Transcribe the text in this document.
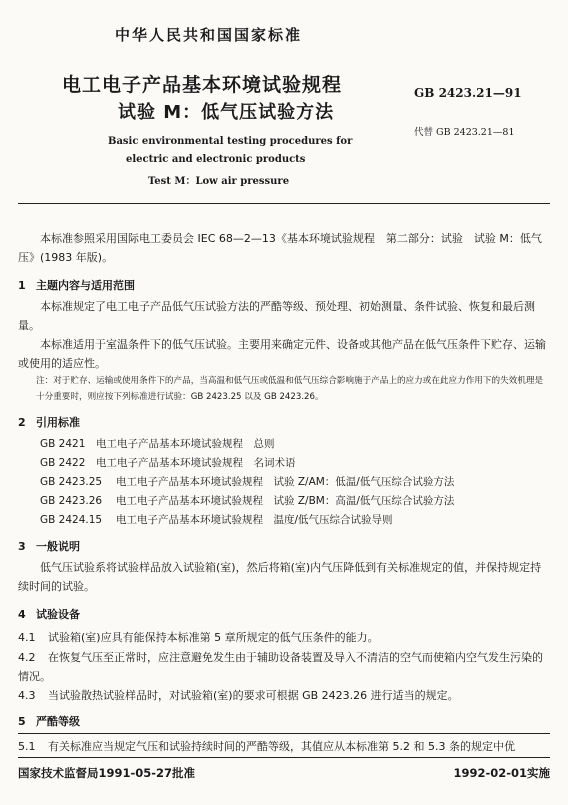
中华人民共和国国家标准
电工电子产品基本环境试验规程
试验 M：低气压试验方法
GB 2423.21—91
代替 GB 2423.21—81
Basic environmental testing procedures for
electric and electronic products
Test M：Low air pressure
本标准参照采用国际电工委员会 IEC 68—2—13《基本环境试验规程　第二部分：试验　试验 M：低气压》(1983 年版)。
1 主题内容与适用范围
本标准规定了电工电子产品低气压试验方法的严酷等级、预处理、初始测量、条件试验、恢复和最后测量。
本标准适用于室温条件下的低气压试验。主要用来确定元件、设备或其他产品在低气压条件下贮存、运输或使用的适应性。
注：对于贮存、运输或使用条件下的产品，当高温和低气压或低温和低气压综合影响施于产品上的应力或在此应力作用下的失效机理是十分重要时，则应按下列标准进行试验：GB 2423.25 以及 GB 2423.26。
2 引用标准
GB 2421 电工电子产品基本环境试验规程　总则
GB 2422 电工电子产品基本环境试验规程　名词术语
GB 2423.25 电工电子产品基本环境试验规程　试验 Z/AM：低温/低气压综合试验方法
GB 2423.26 电工电子产品基本环境试验规程　试验 Z/BM：高温/低气压综合试验方法
GB 2424.15 电工电子产品基本环境试验规程　温度/低气压综合试验导则
3 一般说明
低气压试验系将试验样品放入试验箱(室)，然后将箱(室)内气压降低到有关标准规定的值，并保持规定持续时间的试验。
4 试验设备
4.1 试验箱(室)应具有能保持本标准第 5 章所规定的低气压条件的能力。
4.2 在恢复气压至正常时，应注意避免发生由于辅助设备装置及导入不清洁的空气而使箱内空气发生污染的情况。
4.3 当试验散热试验样品时，对试验箱(室)的要求可根据 GB 2423.26 进行适当的规定。
5 严酷等级
5.1 有关标准应当规定气压和试验持续时间的严酷等级，其值应从本标准第 5.2 和 5.3 条的规定中优
国家技术监督局1991-05-27批准	1992-02-01实施
